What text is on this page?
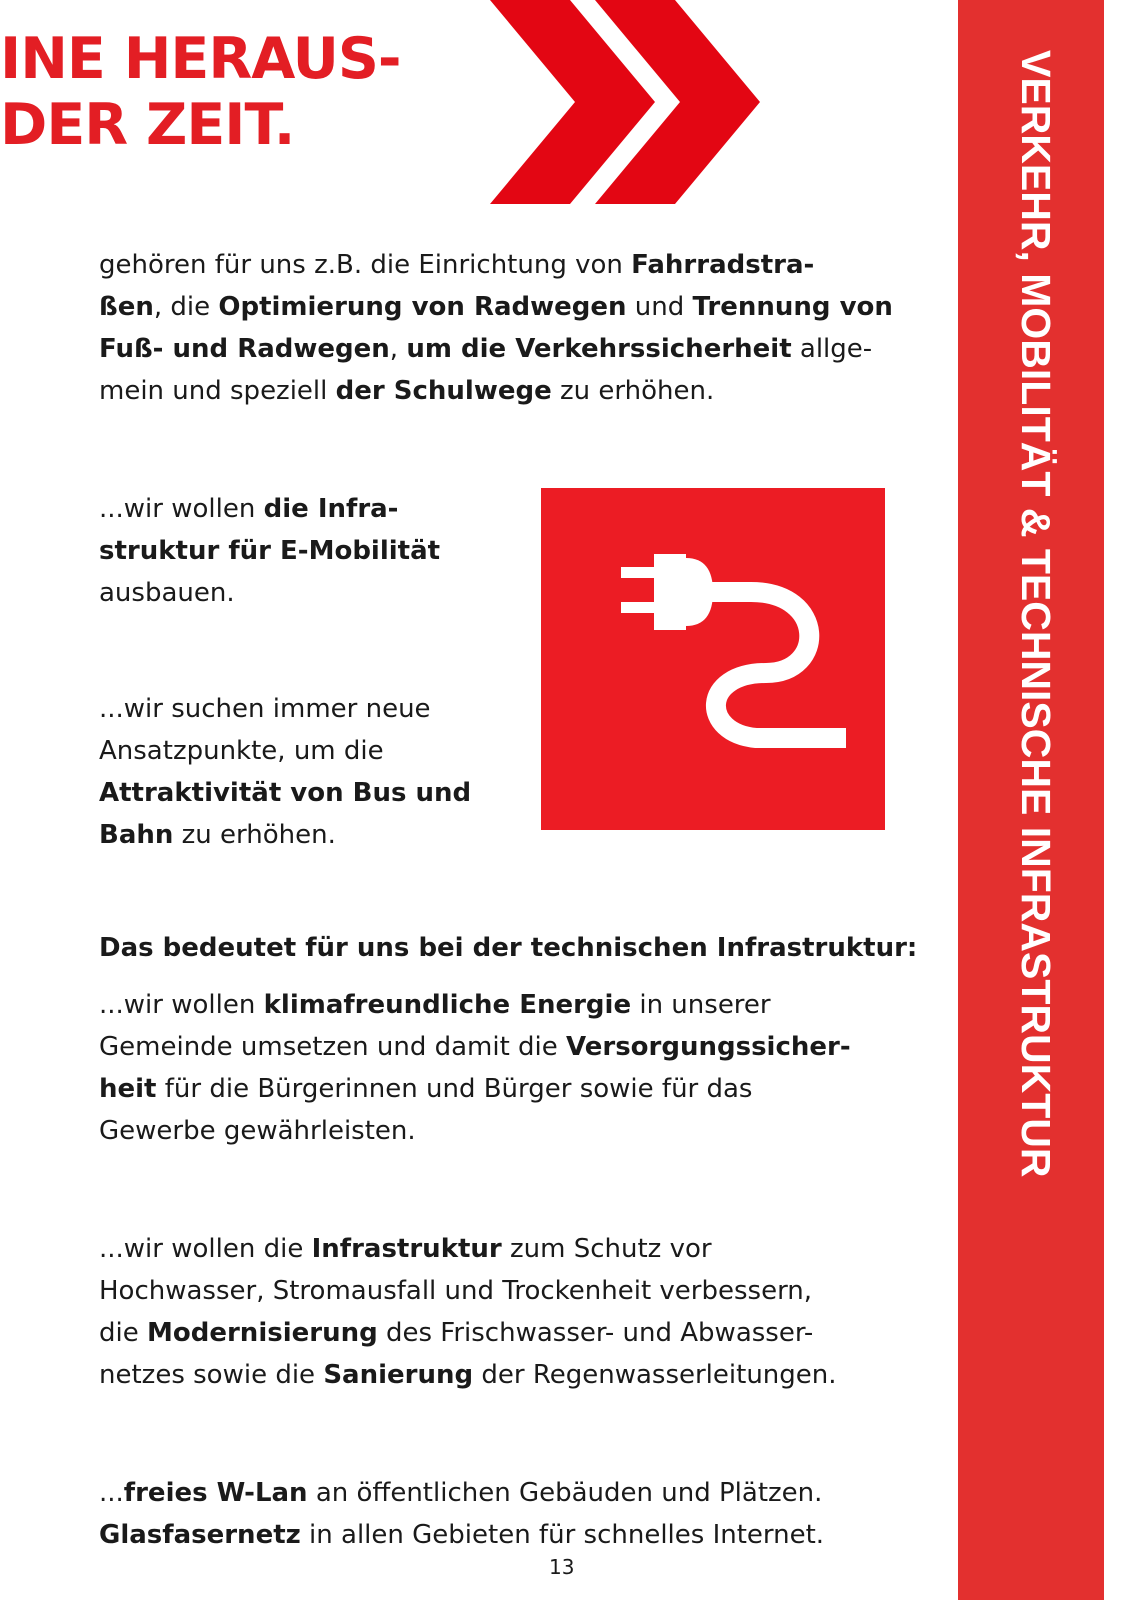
INE HERAUS-
DER ZEIT.	VERKEHR, MOBILITÄT & TECHNISCHE INFRASTRUKTUR
gehören für uns z.B. die Einrichtung von Fahrradstra-
ßen, die Optimierung von Radwegen und Trennung von
Fuß- und Radwegen, um die Verkehrssicherheit allge-
mein und speziell der Schulwege zu erhöhen.
...wir wollen die Infra-
struktur für E-Mobilität
ausbauen.
...wir suchen immer neue
Ansatzpunkte, um die
Attraktivität von Bus und
Bahn zu erhöhen.
Das bedeutet für uns bei der technischen Infrastruktur:
...wir wollen klimafreundliche Energie in unserer
Gemeinde umsetzen und damit die Versorgungssicher-
heit für die Bürgerinnen und Bürger sowie für das
Gewerbe gewährleisten.
...wir wollen die Infrastruktur zum Schutz vor
Hochwasser, Stromausfall und Trockenheit verbessern,
die Modernisierung des Frischwasser- und Abwasser-
netzes sowie die Sanierung der Regenwasserleitungen.
...freies W-Lan an öffentlichen Gebäuden und Plätzen.
Glasfasernetz in allen Gebieten für schnelles Internet.
13
